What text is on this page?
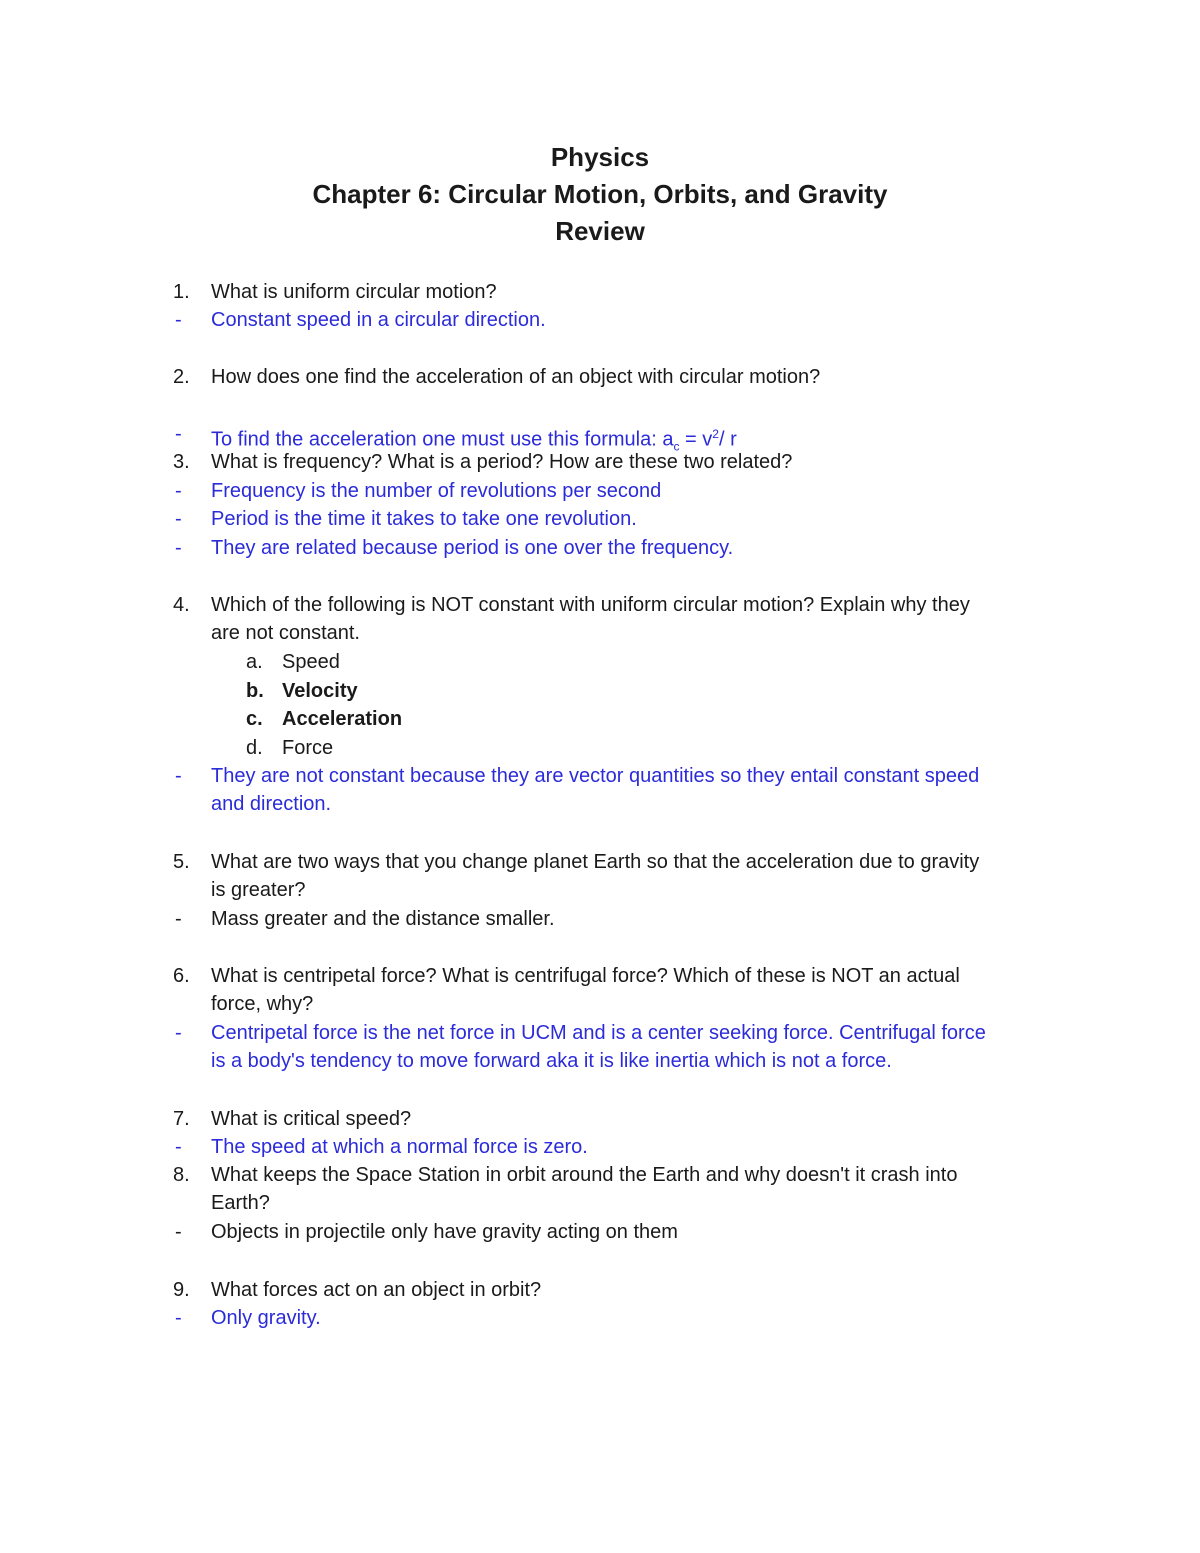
Physics
Chapter 6: Circular Motion, Orbits, and Gravity
Review
1. What is uniform circular motion?
- Constant speed in a circular direction.
2. How does one find the acceleration of an object with circular motion?
- To find the acceleration one must use this formula: $a_c = v^2/$ r
3. What is frequency? What is a period? How are these two related?
- Frequency is the number of revolutions per second
- Period is the time it takes to take one revolution.
- They are related because period is one over the frequency.
4. Which of the following is NOT constant with uniform circular motion? Explain why they
are not constant.
a. Speed
b. Velocity
c. Acceleration
d. Force
- They are not constant because they are vector quantities so they entail constant speed
and direction.
5. What are two ways that you change planet Earth so that the acceleration due to gravity
is greater?
- Mass greater and the distance smaller.
6. What is centripetal force? What is centrifugal force? Which of these is NOT an actual
force, why?
- Centripetal force is the net force in UCM and is a center seeking force. Centrifugal force
is a body's tendency to move forward aka it is like inertia which is not a force.
7. What is critical speed?
- The speed at which a normal force is zero.
8. What keeps the Space Station in orbit around the Earth and why doesn't it crash into
Earth?
- Objects in projectile only have gravity acting on them
9. What forces act on an object in orbit?
- Only gravity.
